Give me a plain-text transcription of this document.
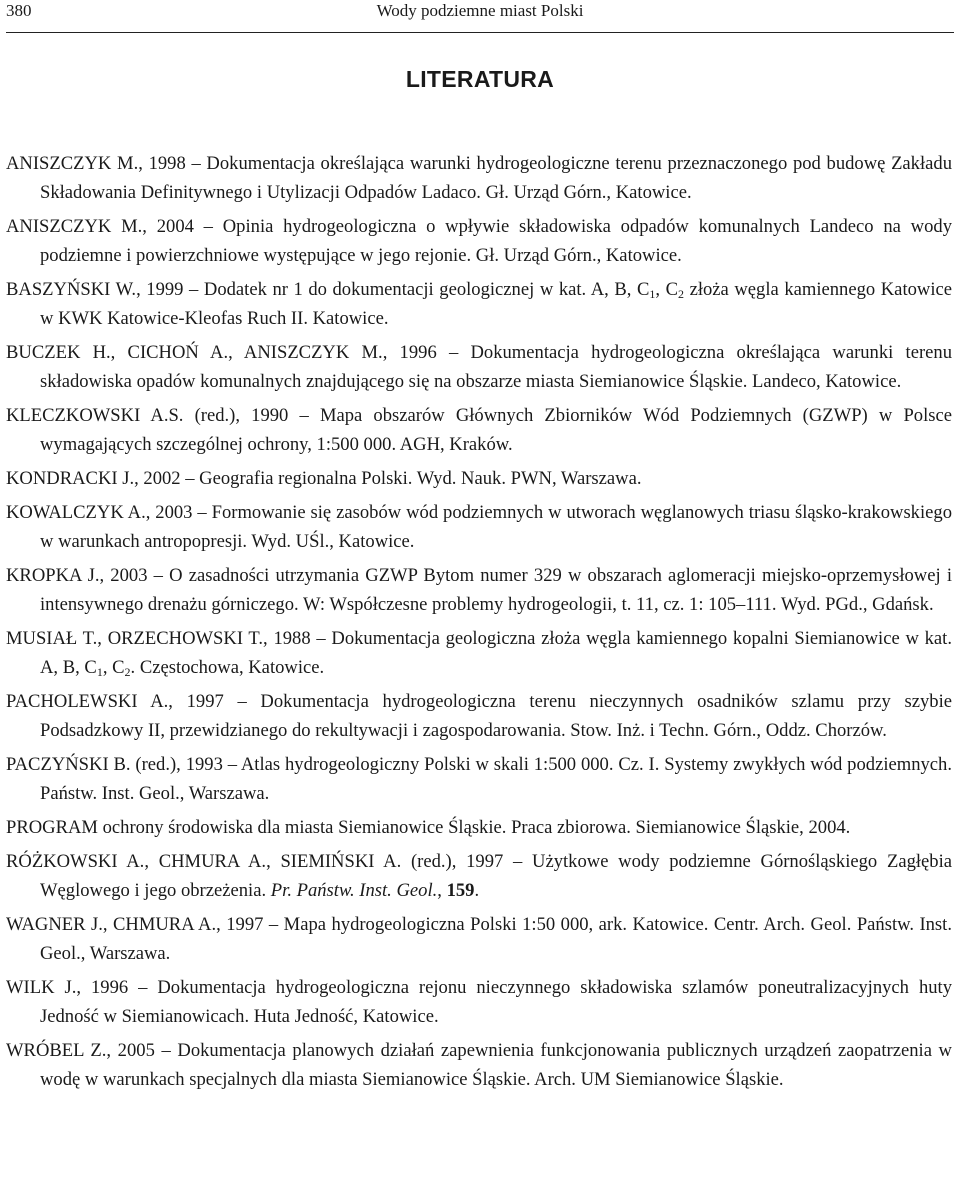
380	Wody podziemne miast Polski
LITERATURA
ANISZCZYK M., 1998 – Dokumentacja określająca warunki hydrogeologiczne terenu przeznaczonego pod budowę Zakładu Składowania Definitywnego i Utylizacji Odpadów Ladaco. Gł. Urząd Górn., Katowice.
ANISZCZYK M., 2004 – Opinia hydrogeologiczna o wpływie składowiska odpadów komunalnych Landeco na wody podziemne i powierzchniowe występujące w jego rejonie. Gł. Urząd Górn., Katowice.
BASZYŃSKI W., 1999 – Dodatek nr 1 do dokumentacji geologicznej w kat. A, B, $C_1$, $C_2$ złoża węgla kamiennego Katowice w KWK Katowice-Kleofas Ruch II. Katowice.
BUCZEK H., CICHOŃ A., ANISZCZYK M., 1996 – Dokumentacja hydrogeologiczna określająca warunki terenu składowiska opadów komunalnych znajdującego się na obszarze miasta Siemianowice Śląskie. Landeco, Katowice.
KLECZKOWSKI A.S. (red.), 1990 – Mapa obszarów Głównych Zbiorników Wód Podziemnych (GZWP) w Polsce wymagających szczególnej ochrony, 1:500 000. AGH, Kraków.
KONDRACKI J., 2002 – Geografia regionalna Polski. Wyd. Nauk. PWN, Warszawa.
KOWALCZYK A., 2003 – Formowanie się zasobów wód podziemnych w utworach węglanowych triasu śląsko-krakowskiego w warunkach antropopresji. Wyd. UŚl., Katowice.
KROPKA J., 2003 – O zasadności utrzymania GZWP Bytom numer 329 w obszarach aglomeracji miejsko-oprzemysłowej i intensywnego drenażu górniczego. W: Współczesne problemy hydrogeologii, t. 11, cz. 1: 105–111. Wyd. PGd., Gdańsk.
MUSIAŁ T., ORZECHOWSKI T., 1988 – Dokumentacja geologiczna złoża węgla kamiennego kopalni Siemianowice w kat. A, B, $C_1$, $C_2$. Częstochowa, Katowice.
PACHOLEWSKI A., 1997 – Dokumentacja hydrogeologiczna terenu nieczynnych osadników szlamu przy szybie Podsadzkowy II, przewidzianego do rekultywacji i zagospodarowania. Stow. Inż. i Techn. Górn., Oddz. Chorzów.
PACZYŃSKI B. (red.), 1993 – Atlas hydrogeologiczny Polski w skali 1:500 000. Cz. I. Systemy zwykłych wód podziemnych. Państw. Inst. Geol., Warszawa.
PROGRAM ochrony środowiska dla miasta Siemianowice Śląskie. Praca zbiorowa. Siemianowice Śląskie, 2004.
RÓŻKOWSKI A., CHMURA A., SIEMIŃSKI A. (red.), 1997 – Użytkowe wody podziemne Górnośląskiego Zagłębia Węglowego i jego obrzeżenia. Pr. Państw. Inst. Geol., 159.
WAGNER J., CHMURA A., 1997 – Mapa hydrogeologiczna Polski 1:50 000, ark. Katowice. Centr. Arch. Geol. Państw. Inst. Geol., Warszawa.
WILK J., 1996 – Dokumentacja hydrogeologiczna rejonu nieczynnego składowiska szlamów poneutralizacyjnych huty Jedność w Siemianowicach. Huta Jedność, Katowice.
WRÓBEL Z., 2005 – Dokumentacja planowych działań zapewnienia funkcjonowania publicznych urządzeń zaopatrzenia w wodę w warunkach specjalnych dla miasta Siemianowice Śląskie. Arch. UM Siemianowice Śląskie.
